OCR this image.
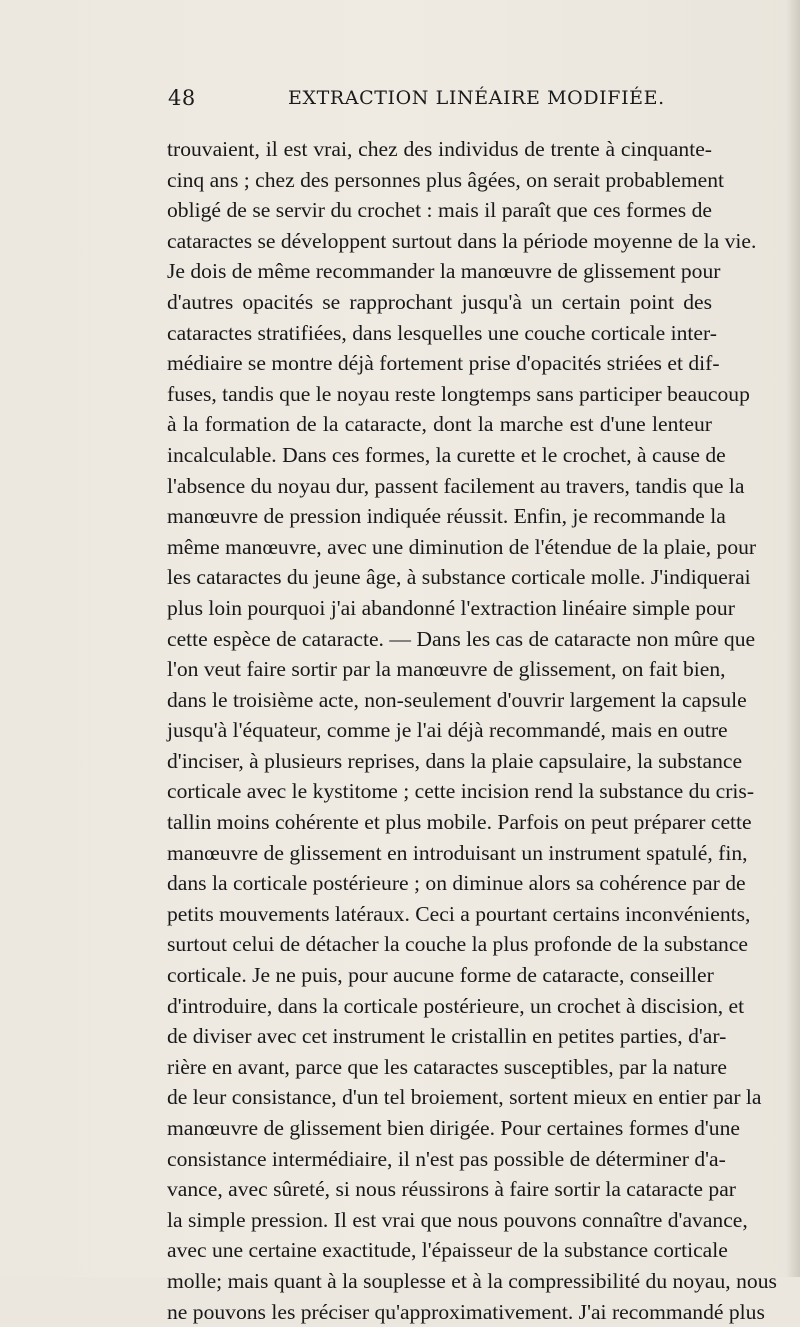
48	EXTRACTION LINÉAIRE MODIFIÉE.
trouvaient, il est vrai, chez des individus de trente à cinquante-
cinq ans ; chez des personnes plus âgées, on serait probablement
obligé de se servir du crochet : mais il paraît que ces formes de
cataractes se développent surtout dans la période moyenne de la vie.
Je dois de même recommander la manœuvre de glissement pour
d'autres opacités se rapprochant jusqu'à un certain point des
cataractes stratifiées, dans lesquelles une couche corticale inter-
médiaire se montre déjà fortement prise d'opacités striées et dif-
fuses, tandis que le noyau reste longtemps sans participer beaucoup
à la formation de la cataracte, dont la marche est d'une lenteur
incalculable. Dans ces formes, la curette et le crochet, à cause de
l'absence du noyau dur, passent facilement au travers, tandis que la
manœuvre de pression indiquée réussit. Enfin, je recommande la
même manœuvre, avec une diminution de l'étendue de la plaie, pour
les cataractes du jeune âge, à substance corticale molle. J'indiquerai
plus loin pourquoi j'ai abandonné l'extraction linéaire simple pour
cette espèce de cataracte. — Dans les cas de cataracte non mûre que
l'on veut faire sortir par la manœuvre de glissement, on fait bien,
dans le troisième acte, non-seulement d'ouvrir largement la capsule
jusqu'à l'équateur, comme je l'ai déjà recommandé, mais en outre
d'inciser, à plusieurs reprises, dans la plaie capsulaire, la substance
corticale avec le kystitome ; cette incision rend la substance du cris-
tallin moins cohérente et plus mobile. Parfois on peut préparer cette
manœuvre de glissement en introduisant un instrument spatulé, fin,
dans la corticale postérieure ; on diminue alors sa cohérence par de
petits mouvements latéraux. Ceci a pourtant certains inconvénients,
surtout celui de détacher la couche la plus profonde de la substance
corticale. Je ne puis, pour aucune forme de cataracte, conseiller
d'introduire, dans la corticale postérieure, un crochet à discision, et
de diviser avec cet instrument le cristallin en petites parties, d'ar-
rière en avant, parce que les cataractes susceptibles, par la nature
de leur consistance, d'un tel broiement, sortent mieux en entier par la
manœuvre de glissement bien dirigée. Pour certaines formes d'une
consistance intermédiaire, il n'est pas possible de déterminer d'a-
vance, avec sûreté, si nous réussirons à faire sortir la cataracte par
la simple pression. Il est vrai que nous pouvons connaître d'avance,
avec une certaine exactitude, l'épaisseur de la substance corticale
molle; mais quant à la souplesse et à la compressibilité du noyau, nous
ne pouvons les préciser qu'approximativement. J'ai recommandé plus
